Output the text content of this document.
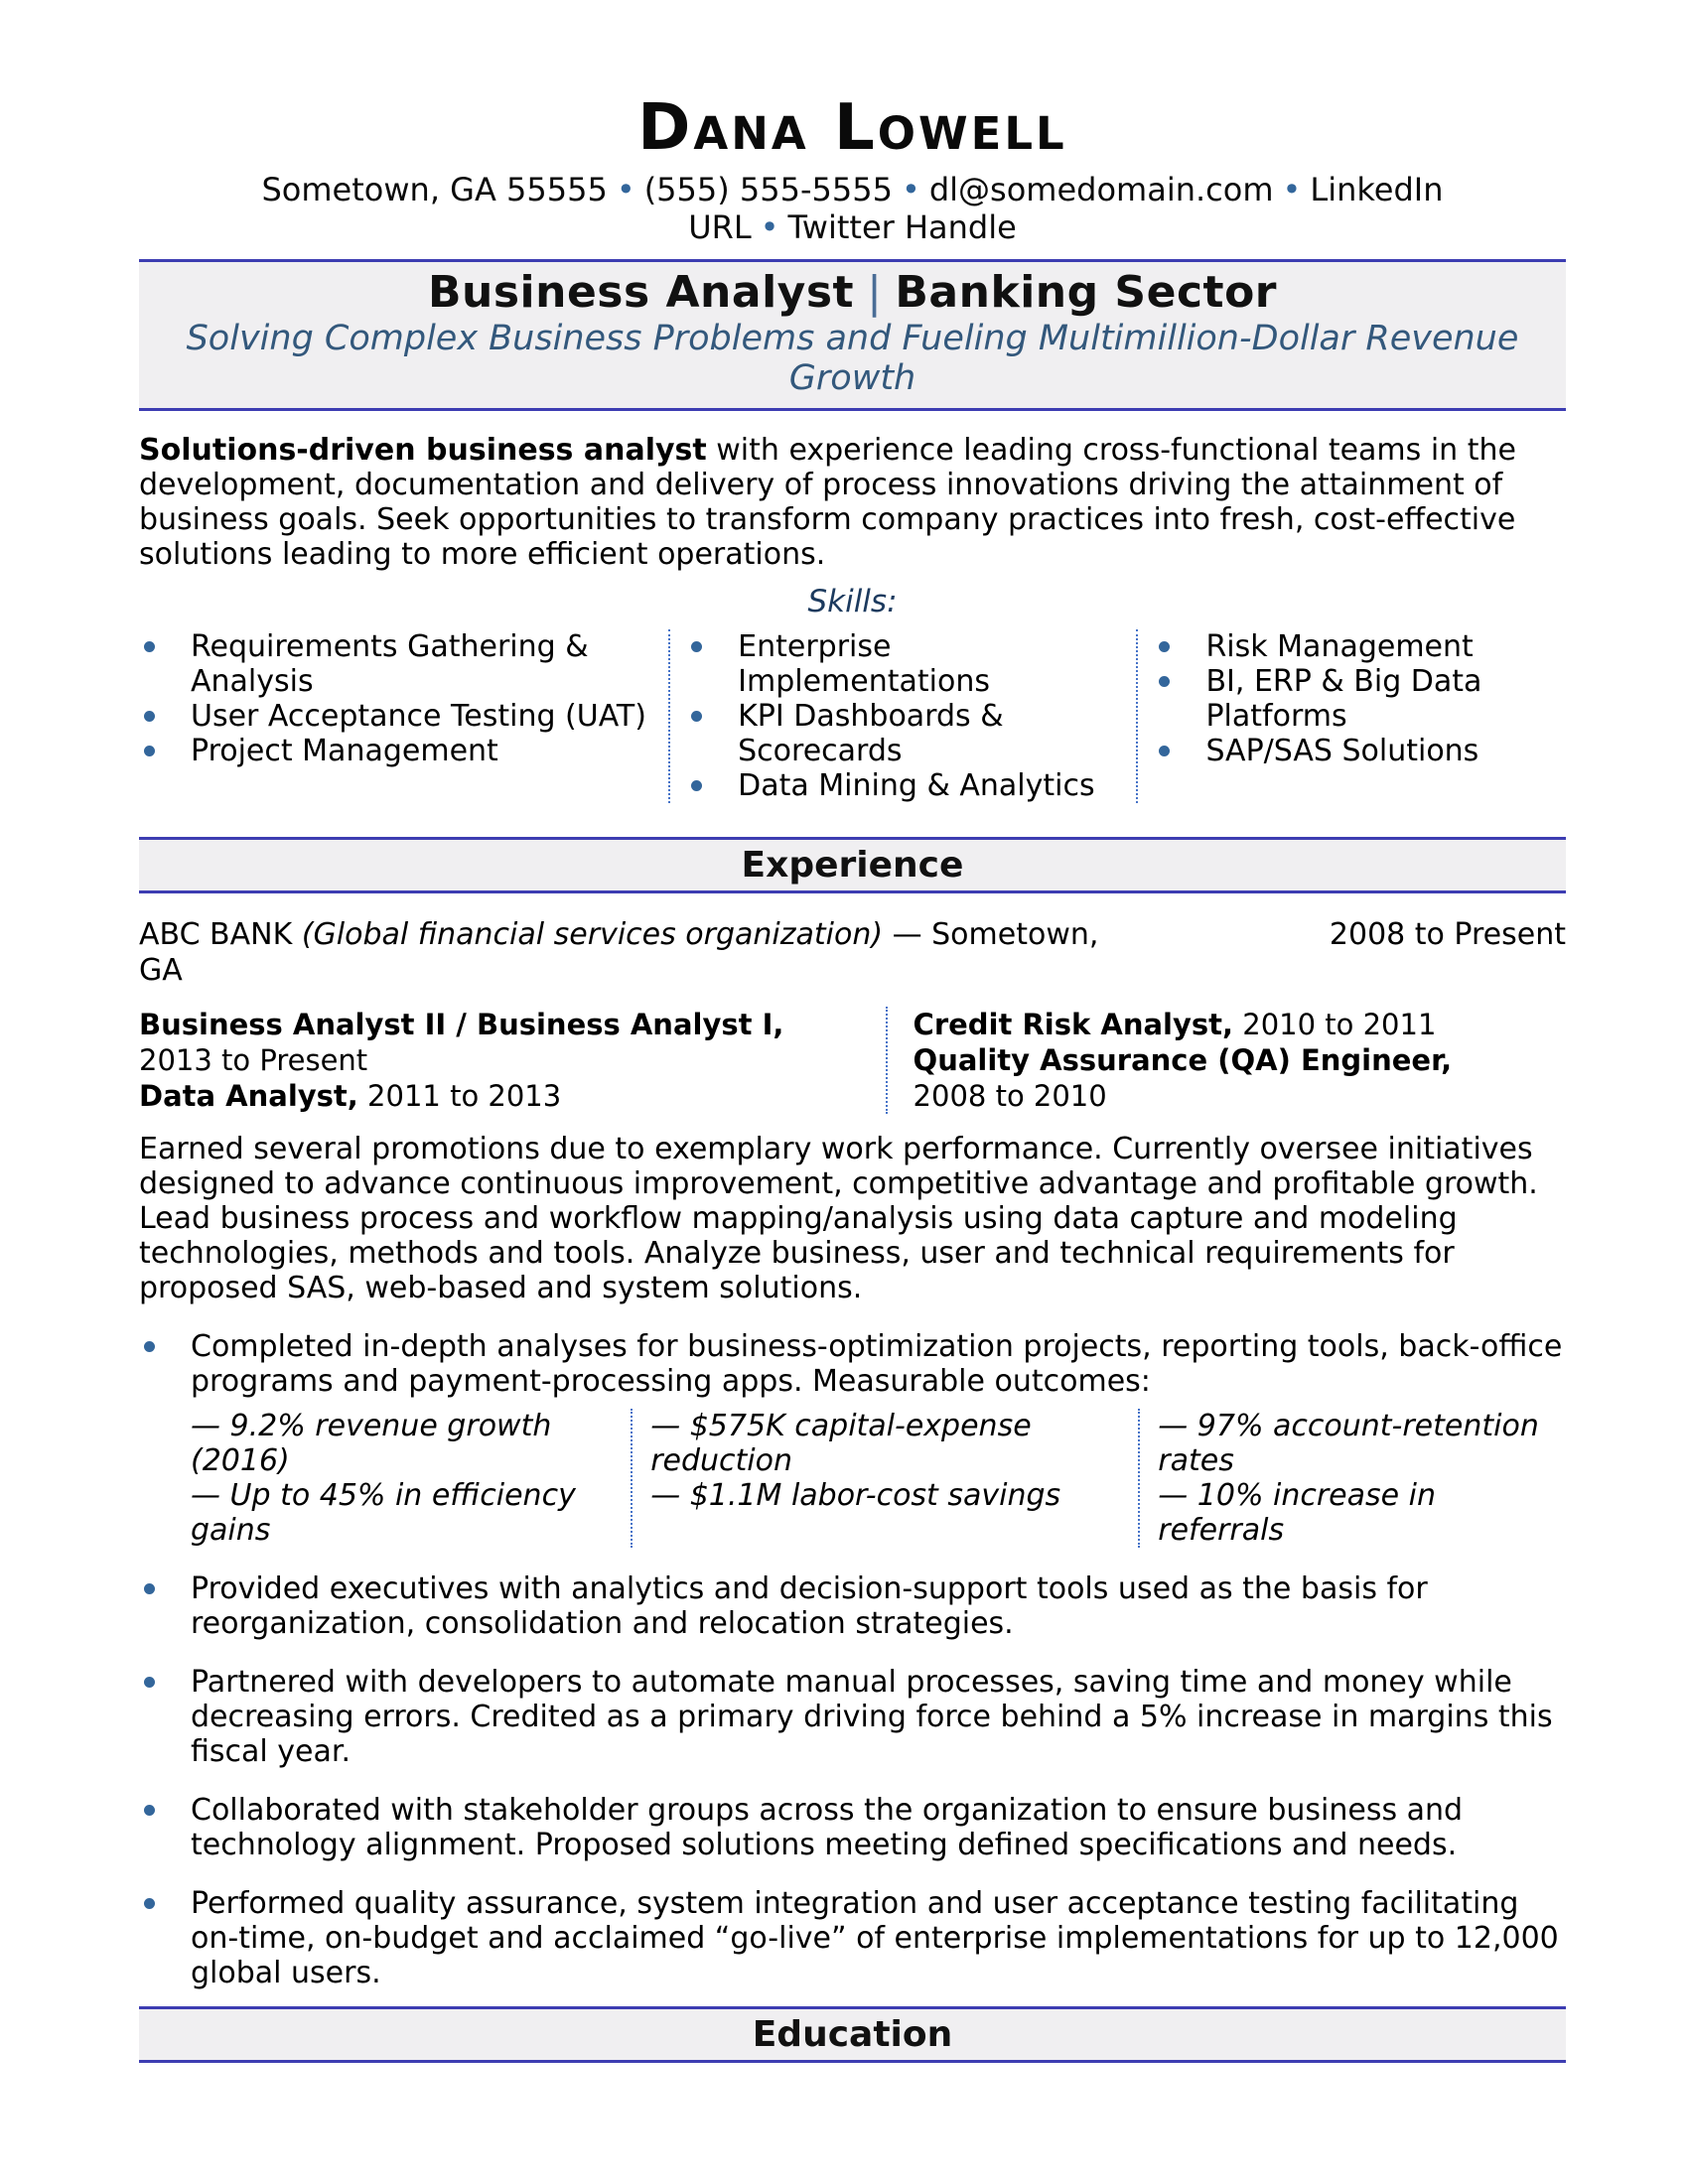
Dana Lowell

Sometown, GA 55555 • (555) 555-5555 • dl@somedomain.com • LinkedIn URL • Twitter Handle

Business Analyst | Banking Sector

Solving Complex Business Problems and Fueling Multimillion-Dollar Revenue Growth

Solutions-driven business analyst with experience leading cross-functional teams in the development, documentation and delivery of process innovations driving the attainment of business goals. Seek opportunities to transform company practices into fresh, cost-effective solutions leading to more efficient operations.

Skills:

Requirements Gathering & Analysis
User Acceptance Testing (UAT)
Project Management
Enterprise Implementations
KPI Dashboards & Scorecards
Data Mining & Analytics
Risk Management
BI, ERP & Big Data Platforms
SAP/SAS Solutions
Experience
ABC BANK (Global financial services organization) — Sometown,
GA
2008 to Present
Business Analyst II / Business Analyst I,
2013 to Present
Data Analyst, 2011 to 2013
Credit Risk Analyst, 2010 to 2011
Quality Assurance (QA) Engineer,
2008 to 2010

Earned several promotions due to exemplary work performance. Currently oversee initiatives designed to advance continuous improvement, competitive advantage and profitable growth. Lead business process and workflow mapping/analysis using data capture and modeling technologies, methods and tools. Analyze business, user and technical requirements for proposed SAS, web-based and system solutions.

Completed in-depth analyses for business-optimization projects, reporting tools, back-office programs and payment-processing apps. Measurable outcomes:
— 9.2% revenue growth (2016)
— Up to 45% in efficiency gains
— $575K capital-expense reduction
— $1.1M labor-cost savings
— 97% account-retention rates
— 10% increase in referrals
Provided executives with analytics and decision-support tools used as the basis for reorganization, consolidation and relocation strategies.
Partnered with developers to automate manual processes, saving time and money while decreasing errors. Credited as a primary driving force behind a 5% increase in margins this fiscal year.
Collaborated with stakeholder groups across the organization to ensure business and technology alignment. Proposed solutions meeting defined specifications and needs.
Performed quality assurance, system integration and user acceptance testing facilitating on-time, on-budget and acclaimed “go-live” of enterprise implementations for up to 12,000 global users.
Education
